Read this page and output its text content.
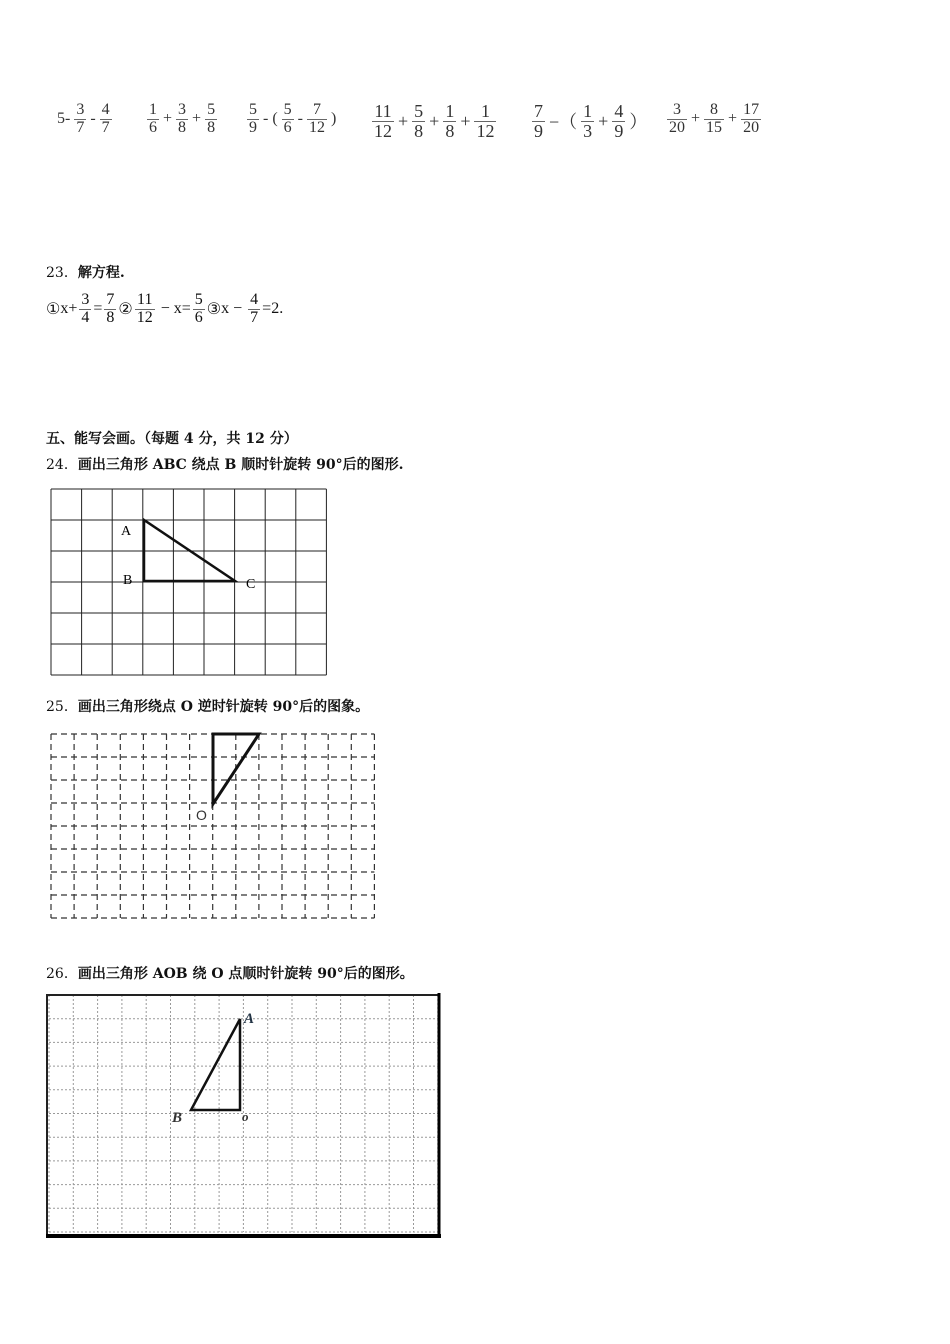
$5- \frac{3}{7} - \frac{4}{7} \frac{1}{6} + \frac{3}{8} + \frac{5}{8} \frac{5}{9}$ - ( $\frac{5}{6} - \frac{7}{12}$ ) $\frac{11}{12} + \frac{5}{8} + \frac{1}{8} + \frac{1}{12} \frac{7}{9}$ −（ $\frac{1}{3} + \frac{4}{9}$ ） $\frac{3}{20} + \frac{8}{15} + \frac{17}{20}$
23．解方程.
① $x+ \frac{3}{4} = \frac{7}{8}$ ② $\frac{11}{12} - x= \frac{5}{6}$ ③ $x - \frac{4}{7} =2$.
五、能写会画。（每题 4 分，共 12 分）
24．画出三角形 ABC 绕点 B 顺时针旋转 90°后的图形.
A
B	C
25．画出三角形绕点 O 逆时针旋转 90°后的图象。
O
26．画出三角形 AOB 绕 O 点顺时针旋转 90°后的图形。
A
B	o
